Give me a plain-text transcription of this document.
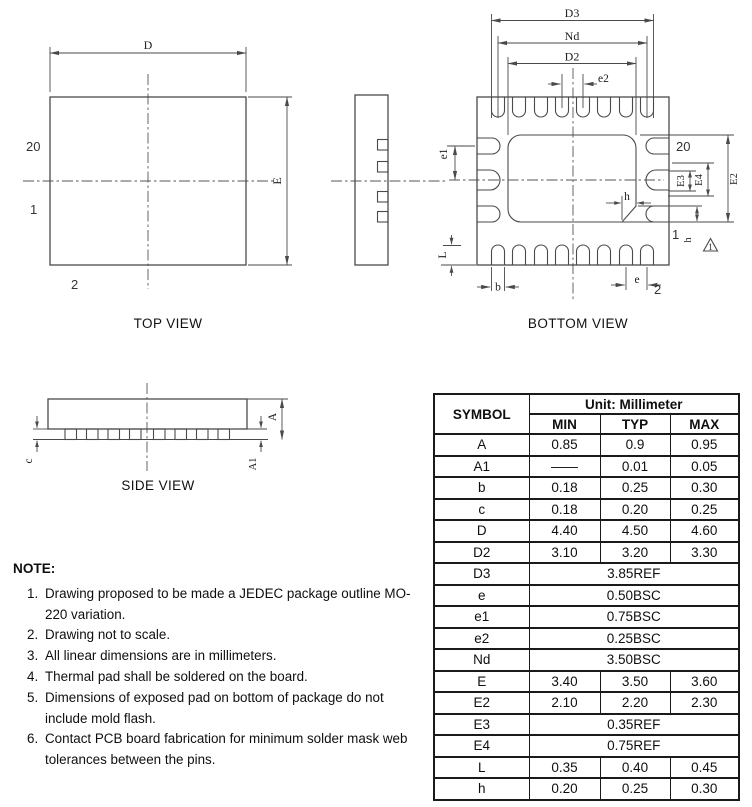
D
E
20
1
2
TOP VIEW
D3
Nd
D2
e2
e1
L
b
e
E3 E4 E2
h
h
20
1
2
1
BOTTOM VIEW
A
A1
c
SIDE VIEW
NOTE:
1. Drawing proposed to be made a JEDEC package outline MO-220 variation.
2. Drawing not to scale.
3. All linear dimensions are in millimeters.
4. Thermal pad shall be soldered on the board.
5. Dimensions of exposed pad on bottom of package do not include mold flash.
6. Contact PCB board fabrication for minimum solder mask web tolerances between the pins.
SYMBOL	Unit: Millimeter		
	MIN	TYP	MAX
A	0.85	0.9	0.95
A1	——	0.01	0.05
b	0.18	0.25	0.30
c	0.18	0.20	0.25
D	4.40	4.50	4.60
D2	3.10	3.20	3.30
D3	3.85REF		
e	0.50BSC		
e1	0.75BSC		
e2	0.25BSC		
Nd	3.50BSC		
E	3.40	3.50	3.60
E2	2.10	2.20	2.30
E3	0.35REF		
E4	0.75REF		
L	0.35	0.40	0.45
h	0.20	0.25	0.30
